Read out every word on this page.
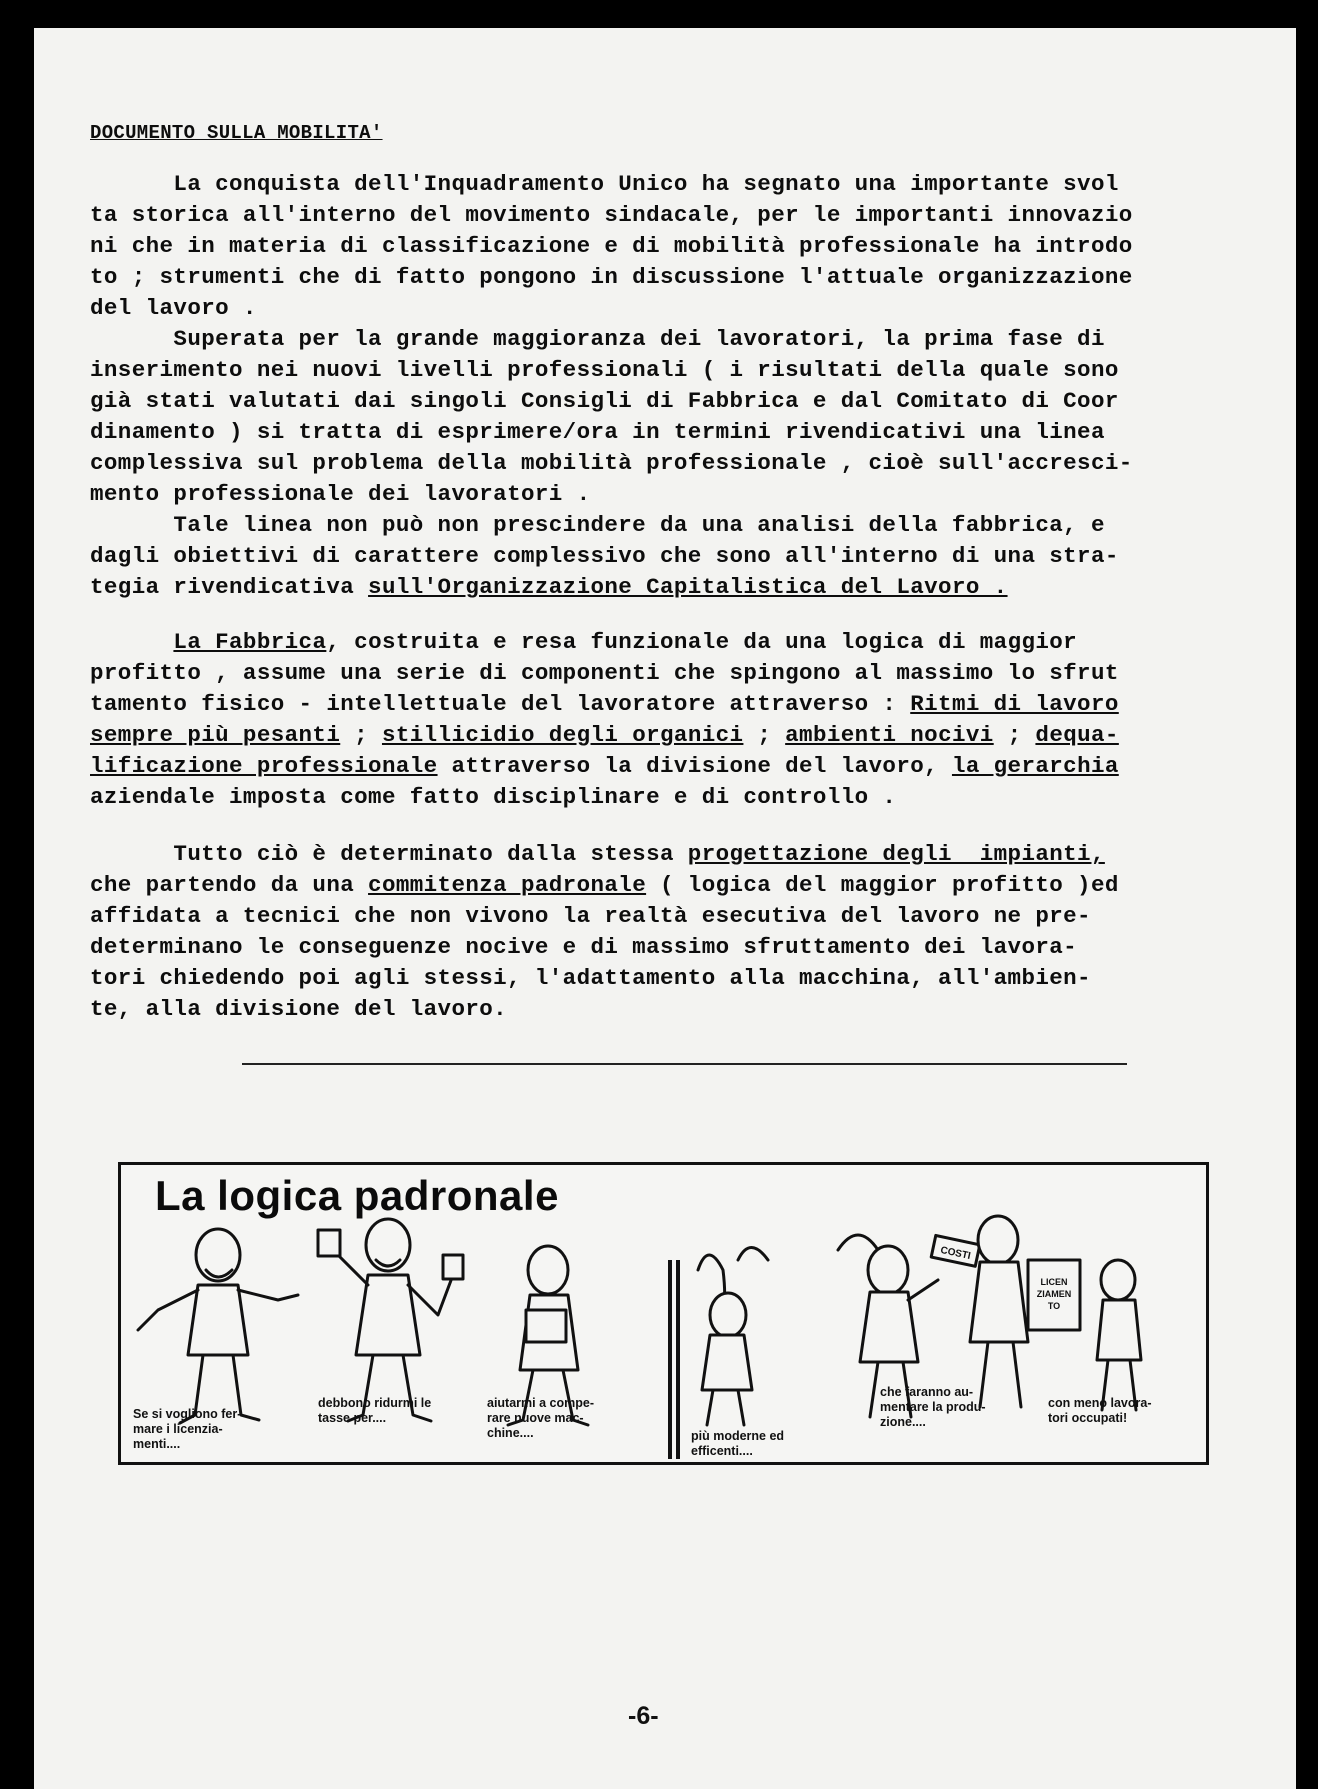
DOCUMENTO SULLA MOBILITA'
La conquista dell'Inquadramento Unico ha segnato una importante svol
ta storica all'interno del movimento sindacale, per le importanti innovazio
ni che in materia di classificazione e di mobilità professionale ha introdo
to ; strumenti che di fatto pongono in discussione l'attuale organizzazione
del lavoro .
Superata per la grande maggioranza dei lavoratori, la prima fase di
inserimento nei nuovi livelli professionali ( i risultati della quale sono
già stati valutati dai singoli Consigli di Fabbrica e dal Comitato di Coor
dinamento ) si tratta di esprimere/ora in termini rivendicativi una linea
complessiva sul problema della mobilità professionale , cioè sull'accresci-
mento professionale dei lavoratori .
Tale linea non può non prescindere da una analisi della fabbrica, e
dagli obiettivi di carattere complessivo che sono all'interno di una stra-
tegia rivendicativa sull'Organizzazione Capitalistica del Lavoro .
La Fabbrica, costruita e resa funzionale da una logica di maggior
profitto , assume una serie di componenti che spingono al massimo lo sfrut
tamento fisico - intellettuale del lavoratore attraverso : Ritmi di lavoro
sempre più pesanti ; stillicidio degli organici ; ambienti nocivi ; dequa-
lificazione professionale attraverso la divisione del lavoro, la gerarchia
aziendale imposta come fatto disciplinare e di controllo .
Tutto ciò è determinato dalla stessa progettazione degli  impianti,
che partendo da una commitenza padronale ( logica del maggior profitto )ed
affidata a tecnici che non vivono la realtà esecutiva del lavoro ne pre-
determinano le conseguenze nocive e di massimo sfruttamento dei lavora-
tori chiedendo poi agli stessi, l'adattamento alla macchina, all'ambien-
te, alla divisione del lavoro.
La logica padronale
COSTI
LICEN ZIAMEN TO
Se si vogliono fer-
mare i licenzia-
menti....
debbono ridurmi le
tasse per....
aiutarmi a compe-
rare nuove mac-
chine....	più moderne ed
efficenti....
che faranno au-
mentare la produ-
zione....
con meno lavora-
tori occupati!
-6-
